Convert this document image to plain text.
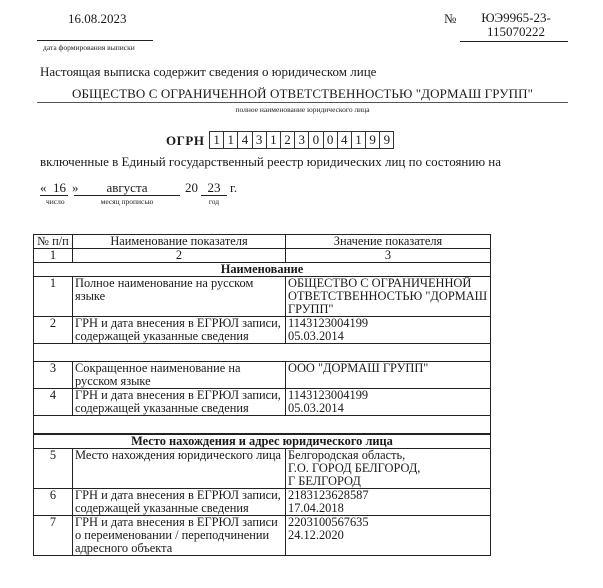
16.08.2023
дата формирования выписки
№	ЮЭ9965-23-
115070222
Настоящая выписка содержит сведения о юридическом лице
ОБЩЕСТВО С ОГРАНИЧЕННОЙ ОТВЕТСТВЕННОСТЬЮ "ДОРМАШ ГРУПП"
полное наименование юридического лица
ОГРН 1 1 4 3 1 2 3 0 0 4 1 9 9
включенные в Единый государственный реестр юридических лиц по состоянию на
« 16 »
число
августа
месяц прописью
20 23
год
г.
№ п/п	Наименование показателя	Значение показателя
1	2	3
Наименование		
1	Полное наименование на русском языке	ОБЩЕСТВО С ОГРАНИЧЕННОЙ
ОТВЕТСТВЕННОСТЬЮ "ДОРМАШ
ГРУПП"

2	ГРН и дата внесения в ЕГРЮЛ записи, содержащей указанные сведения	1143123004199
05.03.2014

3	Сокращенное наименование на русском языке	ООО "ДОРМАШ ГРУПП"

4	ГРН и дата внесения в ЕГРЮЛ записи, содержащей указанные сведения	1143123004199
05.03.2014

Место нахождения и адрес юридического лица		
5	Место нахождения юридического лица	Белгородская область,
Г.О. ГОРОД БЕЛГОРОД,
Г БЕЛГОРОД

6	ГРН и дата внесения в ЕГРЮЛ записи, содержащей указанные сведения	2183123628587
17.04.2018

7	ГРН и дата внесения в ЕГРЮЛ записи о переименовании / переподчинении адресного объекта	2203100567635
24.12.2020
